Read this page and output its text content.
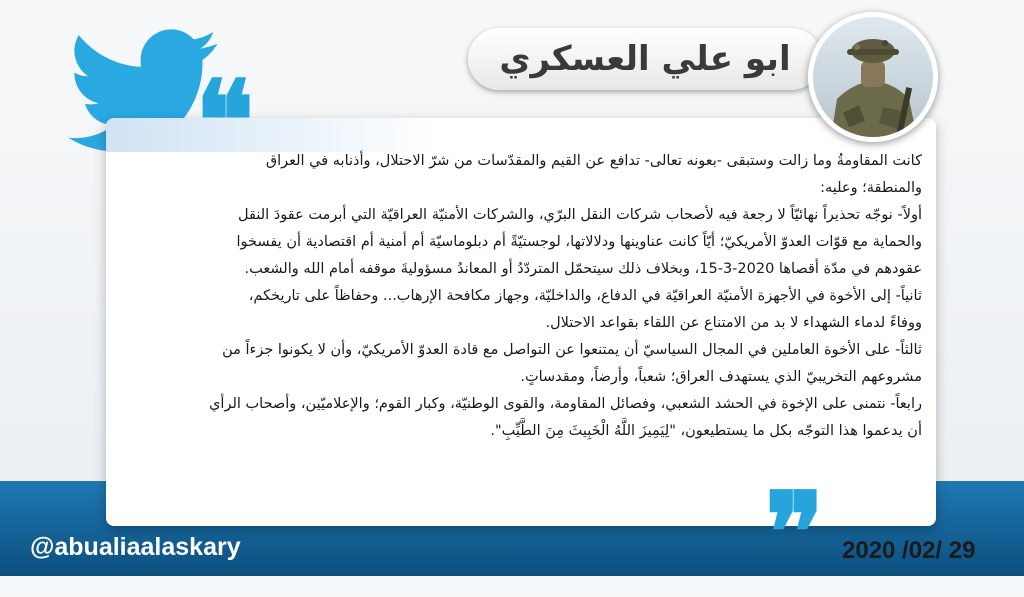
❝
❞
ابو علي العسكري

كانت المقاومةُ وما زالت وستبقى -بعونه تعالى- تدافع عن القيم والمقدّسات من شرّ الاحتلال، وأذنابه في العراق

والمنطقة؛ وعليه:

أولاً- نوجّه تحذيراً نهائيّاً لا رجعة فيه لأصحاب شركات النقل البرّي، والشركات الأمنيّة العراقيّة التي أبرمت عقودَ النقل

والحماية مع قوّات العدوّ الأمريكيّ؛ أيّاً كانت عناوينها ودلالاتها، لوجستيّةً أم دبلوماسيّة أم أمنية أم اقتصادية أن يفسخوا

عقودهم في مدّة أقصاها 2020-3-15، وبخلاف ذلك سيتحمّل المتردّدُ أو المعاندُ مسؤوليةَ موقفه أمام الله والشعب.

ثانياً- إلى الأخوة في الأجهزة الأمنيّة العراقيّة في الدفاع، والداخليّة، وجهاز مكافحة الإرهاب... وحفاظاً على تاريخكم،

ووفاءً لدماء الشهداء لا بد من الامتناع عن اللقاء بقواعد الاحتلال.

ثالثاً- على الأخوة العاملين في المجال السياسيّ أن يمتنعوا عن التواصل مع قادة العدوّ الأمريكيّ، وأن لا يكونوا جزءاً من

مشروعهم التخريبيّ الذي يستهدف العراق؛ شعباً، وأرضاً، ومقدساتٍ.

رابعاً- نتمنى على الإخوة في الحشد الشعبي، وفصائل المقاومة، والقوى الوطنيّة، وكبار القوم؛ والإعلاميّين، وأصحاب الرأي

أن يدعموا هذا التوجّه بكل ما يستطيعون، "لِيَمِيزَ اللَّهُ الْخَبِيثَ مِنَ الطَّيِّبِ".

@abualiaalaskary	2020 /02/ 29
